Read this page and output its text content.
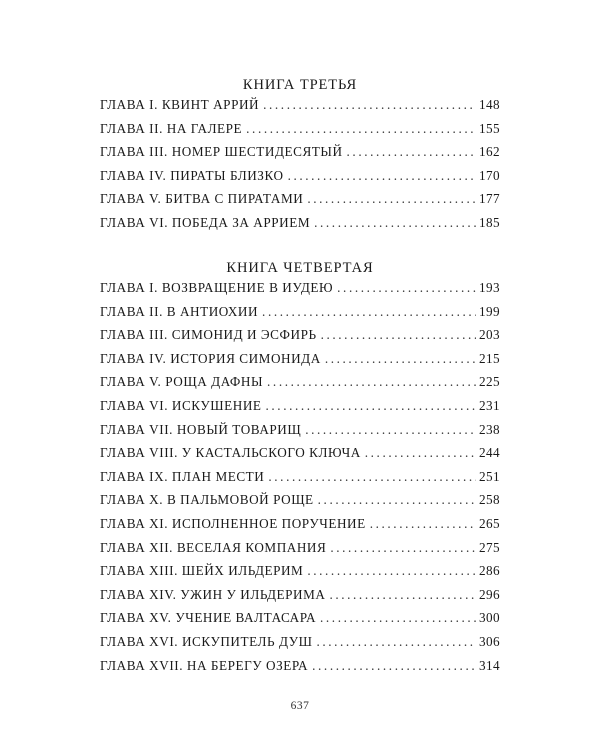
КНИГА ТРЕТЬЯ
ГЛАВА I. КВИНТ АРРИЙ .....	148
ГЛАВА II. НА ГАЛЕРЕ .....	155
ГЛАВА III. НОМЕР ШЕСТИДЕСЯТЫЙ .....	162
ГЛАВА IV. ПИРАТЫ БЛИЗКО .....	170
ГЛАВА V. БИТВА С ПИРАТАМИ .....	177
ГЛАВА VI. ПОБЕДА ЗА АРРИЕМ .....	185
КНИГА ЧЕТВЕРТАЯ
ГЛАВА I. ВОЗВРАЩЕНИЕ В ИУДЕЮ .....	193
ГЛАВА II. В АНТИОХИИ .....	199
ГЛАВА III. СИМОНИД И ЭСФИРЬ .....	203
ГЛАВА IV. ИСТОРИЯ СИМОНИДА .....	215
ГЛАВА V. РОЩА ДАФНЫ .....	225
ГЛАВА VI. ИСКУШЕНИЕ .....	231
ГЛАВА VII. НОВЫЙ ТОВАРИЩ .....	238
ГЛАВА VIII. У КАСТАЛЬСКОГО КЛЮЧА .....	244
ГЛАВА IX. ПЛАН МЕСТИ .....	251
ГЛАВА X. В ПАЛЬМОВОЙ РОЩЕ .....	258
ГЛАВА XI. ИСПОЛНЕННОЕ ПОРУЧЕНИЕ .....	265
ГЛАВА XII. ВЕСЕЛАЯ КОМПАНИЯ .....	275
ГЛАВА XIII. ШЕЙХ ИЛЬДЕРИМ .....	286
ГЛАВА XIV. УЖИН У ИЛЬДЕРИМА .....	296
ГЛАВА XV. УЧЕНИЕ ВАЛТАСАРА .....	300
ГЛАВА XVI. ИСКУПИТЕЛЬ ДУШ .....	306
ГЛАВА XVII. НА БЕРЕГУ ОЗЕРА .....	314
637
